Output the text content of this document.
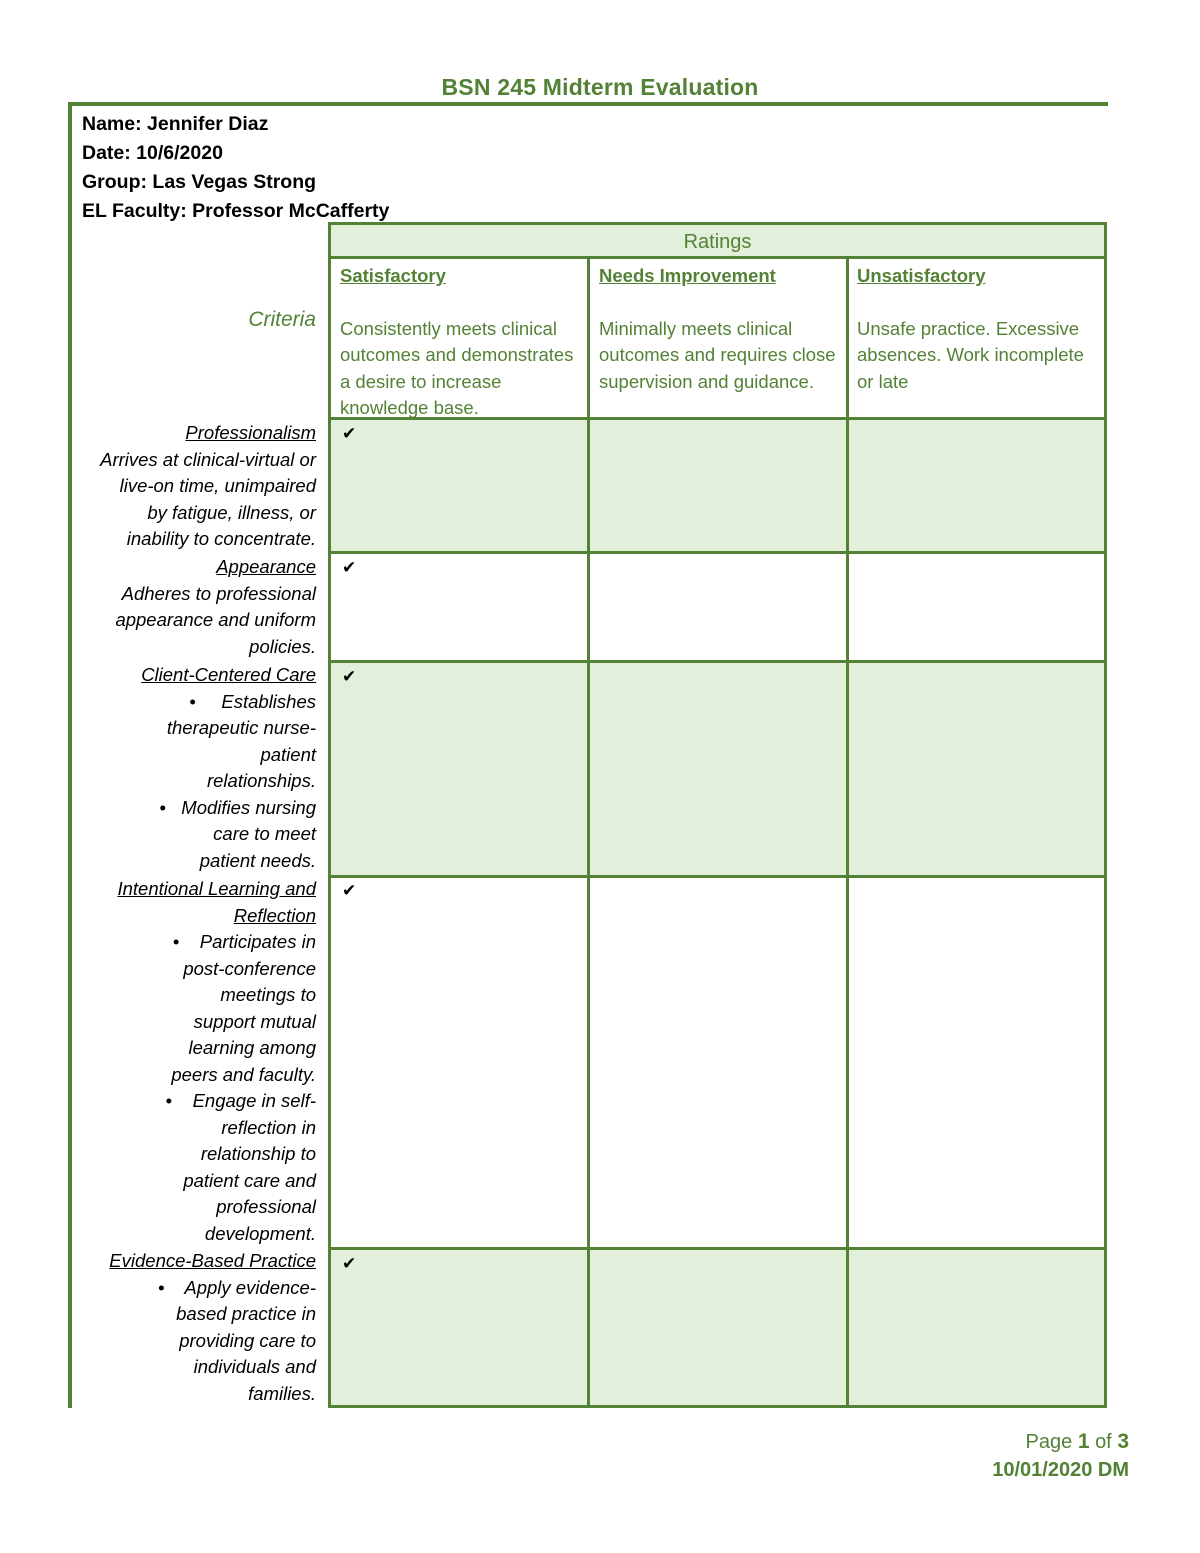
BSN 245 Midterm Evaluation
Name: Jennifer Diaz
Date: 10/6/2020
Group: Las Vegas Strong
EL Faculty: Professor McCafferty
Criteria
Ratings
Satisfactory
Consistently meets clinical outcomes and demonstrates a desire to increase knowledge base.
Needs Improvement
Minimally meets clinical outcomes and requires close supervision and guidance.
Unsatisfactory
Unsafe practice. Excessive absences. Work incomplete or late
✔
✔
✔
✔
✔
Professionalism
Arrives at clinical-virtual or
live-on time, unimpaired
by fatigue, illness, or
inability to concentrate.
Appearance
Adheres to professional
appearance and uniform
policies.
Client-Centered Care
•     Establishes
therapeutic nurse-
patient
relationships.
•   Modifies nursing
care to meet
patient needs.
Intentional Learning and
Reflection
•    Participates in
post-conference
meetings to
support mutual
learning among
peers and faculty.
•    Engage in self-
reflection in
relationship to
patient care and
professional
development.
Evidence-Based Practice
•    Apply evidence-
based practice in
providing care to
individuals and
families.
Page 1 of 3
10/01/2020 DM
